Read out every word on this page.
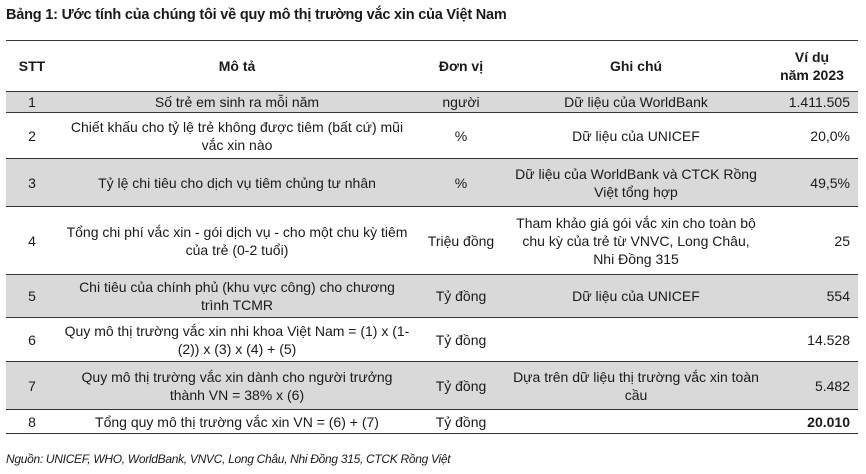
Bảng 1: Ước tính của chúng tôi về quy mô thị trường vắc xin của Việt Nam
STT	Mô tả	Đơn vị	Ghi chú	Ví dụ
năm 2023
1	Số trẻ em sinh ra mỗi năm	người	Dữ liệu của WorldBank	1.411.505
2	Chiết khấu cho tỷ lệ trẻ không được tiêm (bất cứ) mũi vắc xin nào	%	Dữ liệu của UNICEF	20,0%
3	Tỷ lệ chi tiêu cho dịch vụ tiêm chủng tư nhân	%	Dữ liệu của WorldBank và CTCK Rồng Việt tổng hợp	49,5%
4	Tổng chi phí vắc xin - gói dịch vụ - cho một chu kỳ tiêm của trẻ (0-2 tuổi)	Triệu đồng	Tham khảo giá gói vắc xin cho toàn bộ chu kỳ của trẻ từ VNVC, Long Châu, Nhi Đồng 315	25
5	Chi tiêu của chính phủ (khu vực công) cho chương trình TCMR	Tỷ đồng	Dữ liệu của UNICEF	554
6	Quy mô thị trường vắc xin nhi khoa Việt Nam = (1) x (1-(2)) x (3) x (4) + (5)	Tỷ đồng		14.528
7	Quy mô thị trường vắc xin dành cho người trưởng thành VN = 38% x (6)	Tỷ đồng	Dựa trên dữ liệu thị trường vắc xin toàn cầu	5.482
8	Tổng quy mô thị trường vắc xin VN = (6) + (7)	Tỷ đồng		20.010
Nguồn: UNICEF, WHO, WorldBank, VNVC, Long Châu, Nhi Đồng 315, CTCK Rồng Việt
